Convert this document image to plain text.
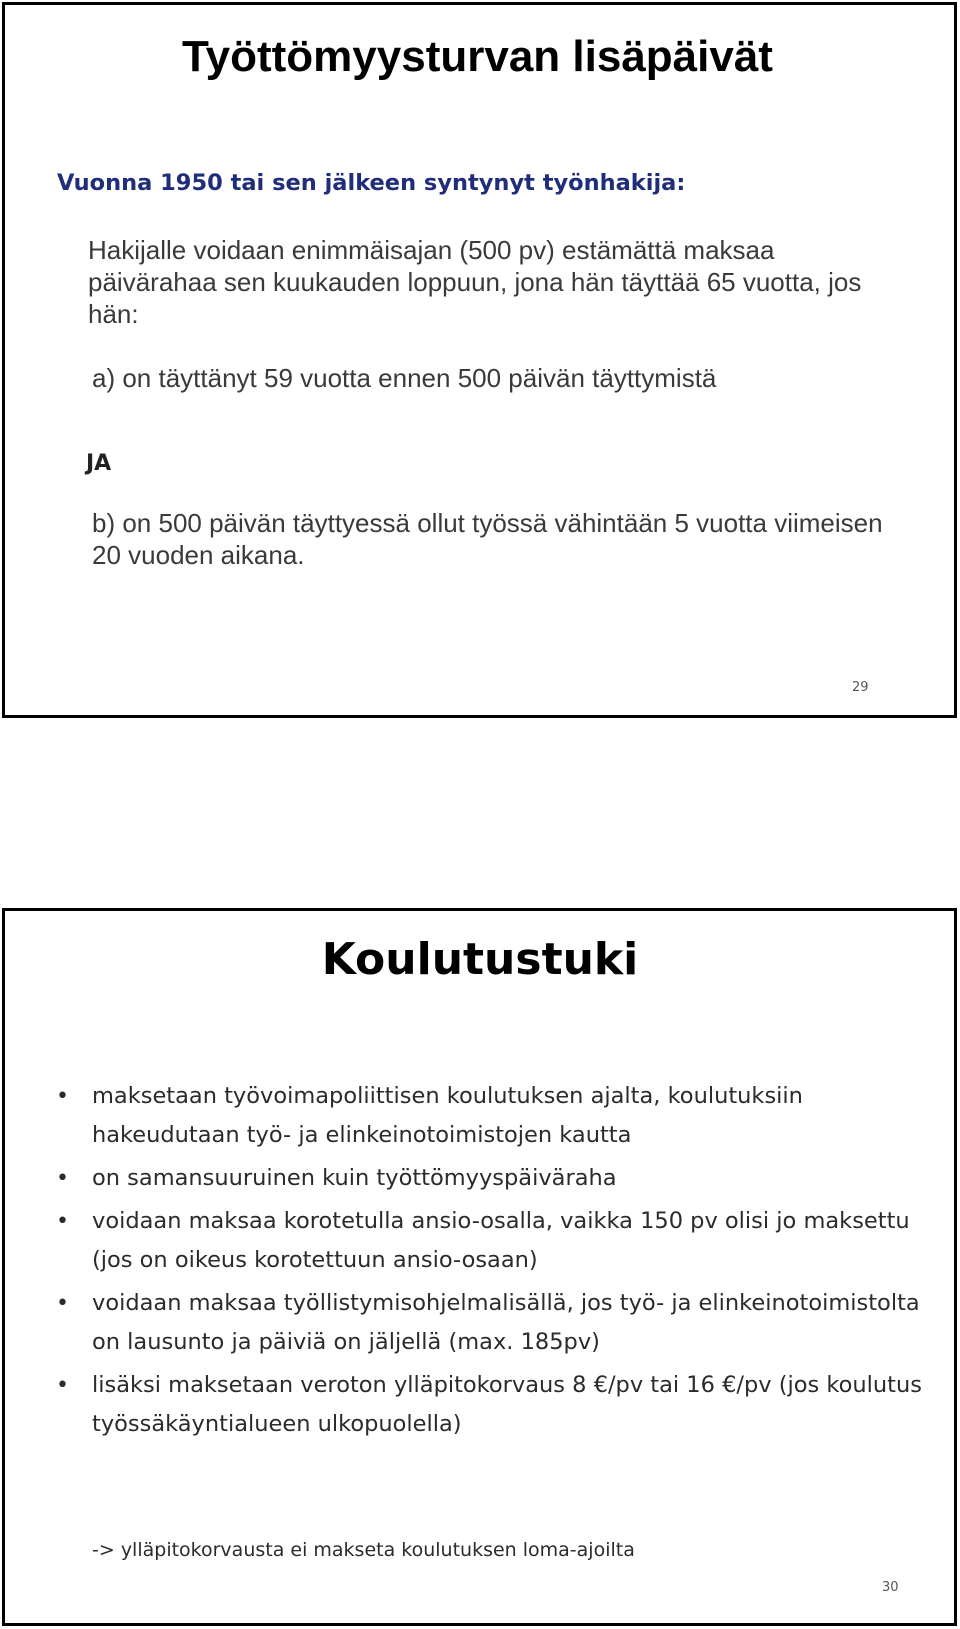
Työttömyysturvan lisäpäivät
Vuonna 1950 tai sen jälkeen syntynyt työnhakija:

Hakijalle voidaan enimmäisajan (500 pv) estämättä maksaa päivärahaa sen kuukauden loppuun, jona hän täyttää 65 vuotta, jos hän:

a) on täyttänyt 59 vuotta ennen 500 päivän täyttymistä

JA

b) on 500 päivän täyttyessä ollut työssä vähintään 5 vuotta viimeisen 20 vuoden aikana.

29
Koulutustuki
• maksetaan työvoimapoliittisen koulutuksen ajalta, koulutuksiin hakeudutaan työ- ja elinkeinotoimistojen kautta
• on samansuuruinen kuin työttömyyspäiväraha
• voidaan maksaa korotetulla ansio-osalla, vaikka 150 pv olisi jo maksettu (jos on oikeus korotettuun ansio-osaan)
• voidaan maksaa työllistymisohjelmalisällä, jos työ- ja elinkeinotoimistolta on lausunto ja päiviä on jäljellä (max. 185pv)
• lisäksi maksetaan veroton ylläpitokorvaus 8 €/pv tai 16 €/pv (jos koulutus työssäkäyntialueen ulkopuolella)
-> ylläpitokorvausta ei makseta koulutuksen loma-ajoilta
30
